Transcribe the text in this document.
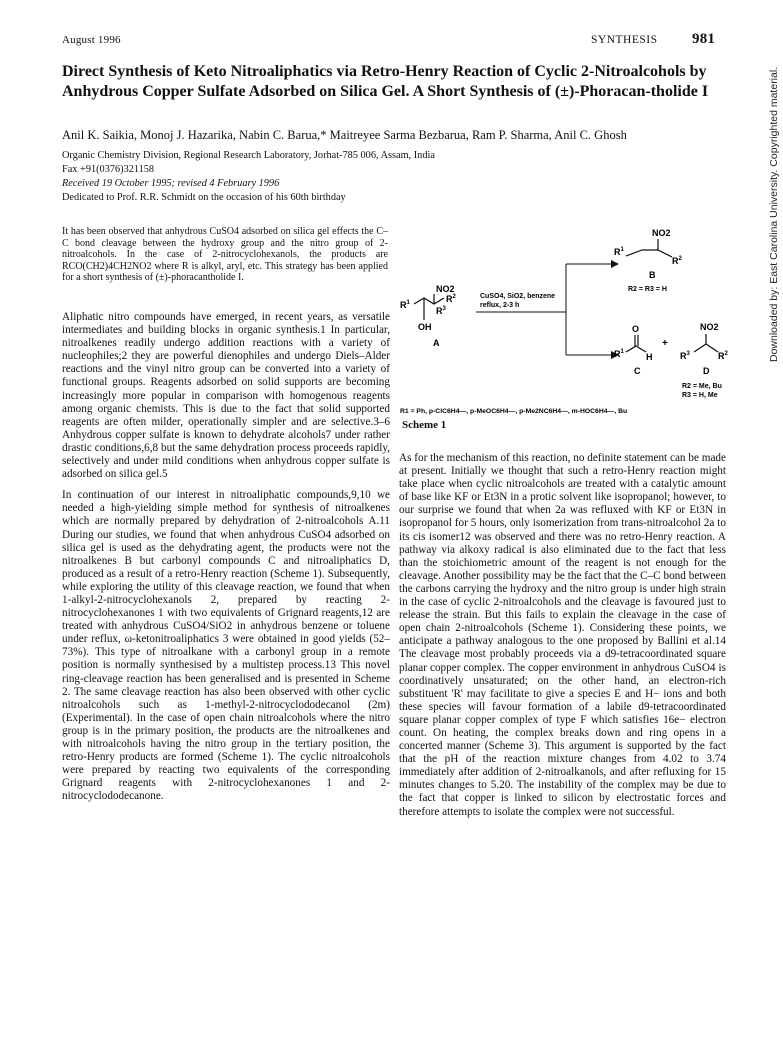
August 1996	SYNTHESIS 981
Direct Synthesis of Keto Nitroaliphatics via Retro-Henry Reaction of Cyclic 2-Nitroalcohols by Anhydrous Copper Sulfate Adsorbed on Silica Gel. A Short Synthesis of (±)-Phoracan-tholide I
Anil K. Saikia, Monoj J. Hazarika, Nabin C. Barua,* Maitreyee Sarma Bezbarua, Ram P. Sharma, Anil C. Ghosh
Organic Chemistry Division, Regional Research Laboratory, Jorhat-785 006, Assam, India
Fax +91(0376)321158
Received 19 October 1995; revised 4 February 1996
Dedicated to Prof. R.R. Schmidt on the occasion of his 60th birthday
It has been observed that anhydrous CuSO4 adsorbed on silica gel effects the C–C bond cleavage between the hydroxy group and the nitro group of 2-nitroalcohols. In the case of 2-nitrocyclohexanols, the products are RCO(CH2)4CH2NO2 where R is alkyl, aryl, etc. This strategy has been applied for a short synthesis of (±)-phoracantholide I.

Aliphatic nitro compounds have emerged, in recent years, as versatile intermediates and building blocks in organic synthesis.1 In particular, nitroalkenes readily undergo addition reactions with a variety of nucleophiles;2 they are powerful dienophiles and undergo Diels–Alder reactions and the vinyl nitro group can be converted into a variety of functional groups. Reagents adsorbed on solid supports are becoming increasingly more popular in comparison with homogenous reagents among organic chemists. This is due to the fact that solid supported reagents are often milder, operationally simpler and are selective.3–6 Anhydrous copper sulfate is known to dehydrate alcohols7 under rather drastic conditions,6,8 but the same dehydration process proceeds rapidly, selectively and under mild conditions when anhydrous copper sulfate is adsorbed on silica gel.5

In continuation of our interest in nitroaliphatic compounds,9,10 we needed a high-yielding simple method for synthesis of nitroalkenes which are normally prepared by dehydration of 2-nitroalcohols A.11 During our studies, we found that when anhydrous CuSO4 adsorbed on silica gel is used as the dehydrating agent, the products were not the nitroalkenes B but carbonyl compounds C and nitroaliphatics D, produced as a result of a retro-Henry reaction (Scheme 1). Subsequently, while exploring the utility of this cleavage reaction, we found that when 1-alkyl-2-nitrocyclohexanols 2, prepared by reacting 2-nitrocyclohexanones 1 with two equivalents of Grignard reagents,12 are treated with anhydrous CuSO4/SiO2 in anhydrous benzene or toluene under reflux, ω-ketonitroaliphatics 3 were obtained in good yields (52–73%). This type of nitroalkane with a carbonyl group in a remote position is normally synthesised by a multistep process.13 This novel ring-cleavage reaction has been generalised and is presented in Scheme 2. The same cleavage reaction has also been observed with other cyclic nitroalcohols such as 1-methyl-2-nitrocyclododecanol (2m) (Experimental). In the case of open chain nitroalcohols where the nitro group is in the primary position, the products are the nitroalkenes and with nitroalcohols having the nitro group in the tertiary position, the retro-Henry products are formed (Scheme 1). The cyclic nitroalcohols were prepared by reacting two equivalents of the corresponding Grignard reagents with 2-nitrocyclohexanones 1 and 2-nitrocyclododecanone.

$R^1$
NO2
$R^2$
$R^3$
OH
A
CuSO4, SiO2, benzene
reflux, 2-3 h
NO2
$R^1$
$R^2$
B
R2 = R3 = H
O
$R^1$ H
C
+
NO2
$R^3$	$R^2$
D
R2 = Me, Bu
R3 = H, Me
R1 = Ph, p-ClC6H4—, p-MeOC6H4—, p-Me2NC6H4—, m-HOC6H4—, Bu
Scheme 1

As for the mechanism of this reaction, no definite statement can be made at present. Initially we thought that such a retro-Henry reaction might take place when cyclic nitroalcohols are treated with a catalytic amount of base like KF or Et3N in a protic solvent like isopropanol; however, to our surprise we found that when 2a was refluxed with KF or Et3N in isopropanol for 5 hours, only isomerization from trans-nitroalcohol 2a to its cis isomer12 was observed and there was no retro-Henry reaction. A pathway via alkoxy radical is also eliminated due to the fact that less than the stoichiometric amount of the reagent is not enough for the cleavage. Another possibility may be the fact that the C–C bond between the carbons carrying the hydroxy and the nitro group is under high strain in the case of cyclic 2-nitroalcohols and the cleavage is favoured just to release the strain. But this fails to explain the cleavage in the case of open chain 2-nitroalcohols (Scheme 1). Considering these points, we anticipate a pathway analogous to the one proposed by Ballini et al.14 The cleavage most probably proceeds via a d9-tetracoordinated square planar copper complex. The copper environment in anhydrous CuSO4 is coordinatively unsaturated; on the other hand, an electron-rich substituent 'R' may facilitate to give a species E and H− ions and both these species will favour formation of a labile d9-tetracoordinated square planar copper complex of type F which satisfies 16e− electron count. On heating, the complex breaks down and ring opens in a concerted manner (Scheme 3). This argument is supported by the fact that the pH of the reaction mixture changes from 4.02 to 3.74 immediately after addition of 2-nitroalkanols, and after refluxing for 15 minutes changes to 5.20. The instability of the complex may be due to the fact that copper is linked to silicon by electrostatic forces and therefore attempts to isolate the complex were not successful.

Downloaded by: East Carolina University. Copyrighted material.
